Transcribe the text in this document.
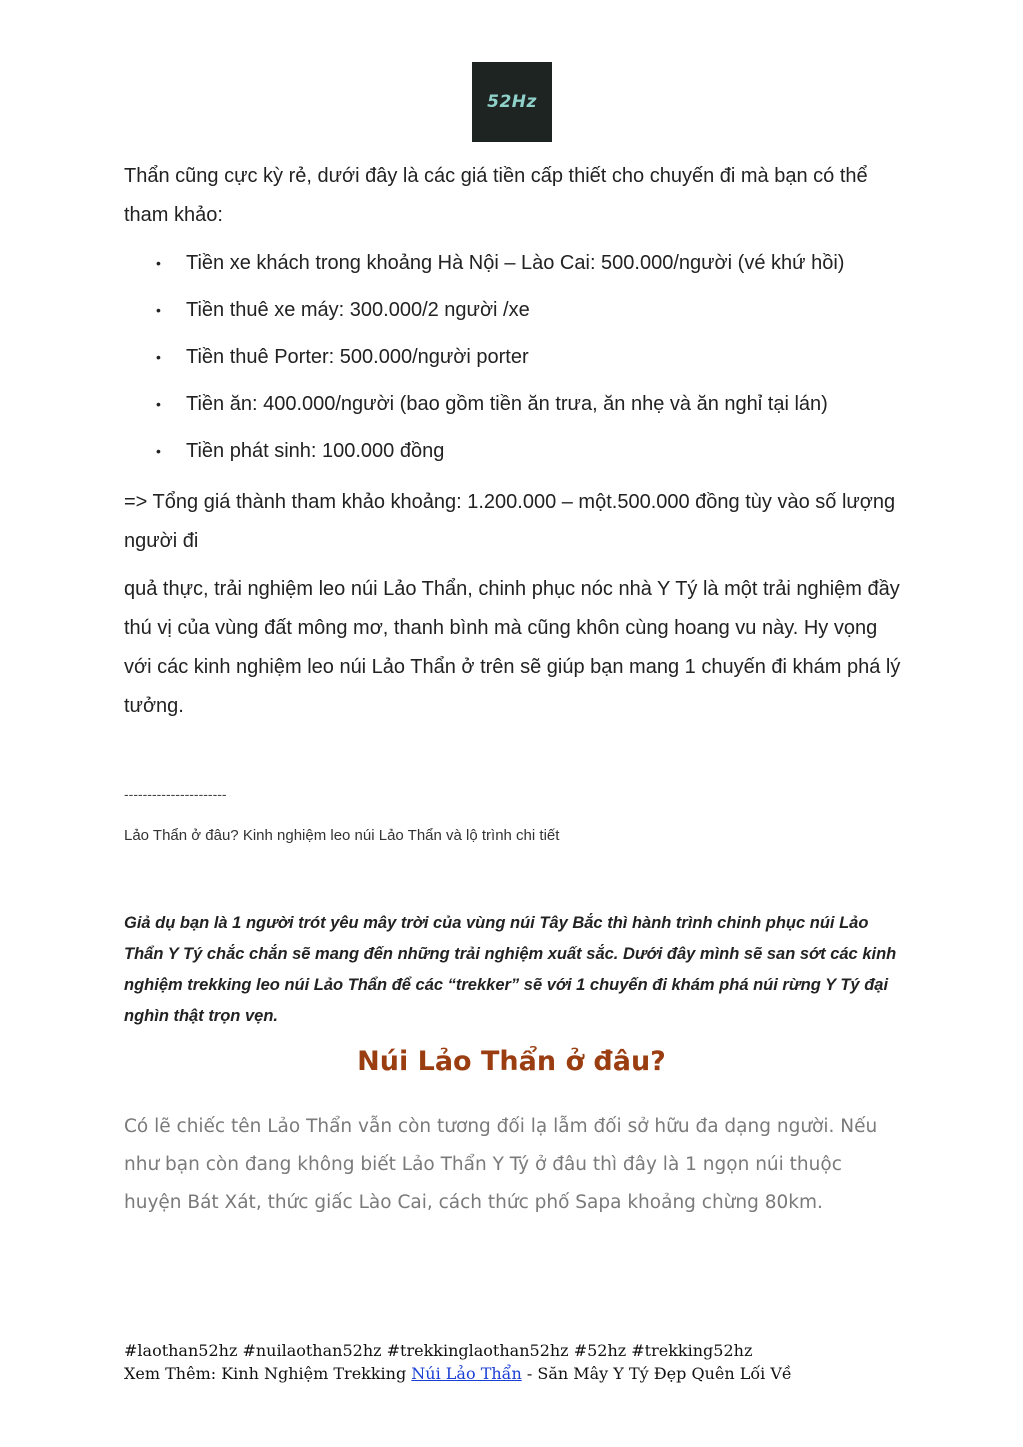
52Hz
Thẩn cũng cực kỳ rẻ, dưới đây là các giá tiền cấp thiết cho chuyến đi mà bạn có thể tham khảo:
• Tiền xe khách trong khoảng Hà Nội – Lào Cai: 500.000/người (vé khứ hồi)
• Tiền thuê xe máy: 300.000/2 người /xe
• Tiền thuê Porter: 500.000/người porter
• Tiền ăn: 400.000/người (bao gồm tiền ăn trưa, ăn nhẹ và ăn nghỉ tại lán)
• Tiền phát sinh: 100.000 đồng
=> Tổng giá thành tham khảo khoảng: 1.200.000 – một.500.000 đồng tùy vào số lượng người đi
quả thực, trải nghiệm leo núi Lảo Thẩn, chinh phục nóc nhà Y Tý là một trải nghiệm đầy thú vị của vùng đất mông mơ, thanh bình mà cũng khôn cùng hoang vu này. Hy vọng với các kinh nghiệm leo núi Lảo Thẩn ở trên sẽ giúp bạn mang 1 chuyến đi khám phá lý tưởng.
----------------------
Lảo Thẩn ở đâu? Kinh nghiệm leo núi Lảo Thẩn và lộ trình chi tiết
Giả dụ bạn là 1 người trót yêu mây trời của vùng núi Tây Bắc thì hành trình chinh phục núi Lảo Thẩn Y Tý chắc chắn sẽ mang đến những trải nghiệm xuất sắc. Dưới đây mình sẽ san sớt các kinh nghiệm trekking leo núi Lảo Thẩn để các “trekker” sẽ với 1 chuyến đi khám phá núi rừng Y Tý đại nghìn thật trọn vẹn.
Núi Lảo Thẩn ở đâu?
Có lẽ chiếc tên Lảo Thẩn vẫn còn tương đối lạ lẫm đối sở hữu đa dạng người. Nếu như bạn còn đang không biết Lảo Thẩn Y Tý ở đâu thì đây là 1 ngọn núi thuộc huyện Bát Xát, thức giấc Lào Cai, cách thức phố Sapa khoảng chừng 80km.
#laothan52hz #nuilaothan52hz #trekkinglaothan52hz #52hz #trekking52hz
Xem Thêm: Kinh Nghiệm Trekking Núi Lảo Thẩn - Săn Mây Y Tý Đẹp Quên Lối Về
